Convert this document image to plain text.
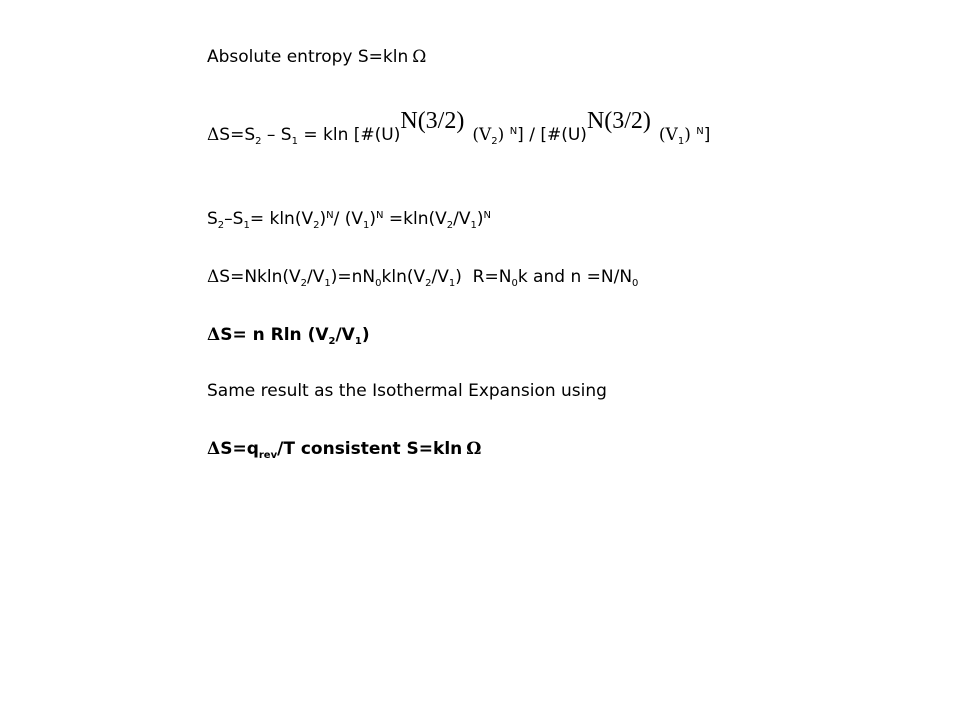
Absolute entropy S=kln Ω
$\Delta S=S_2 - S_1 = kln$ [$\#(U)N(3/2)(V_2)$ $^N] / [\#(U)N(3/2)(V_1)$ $^N$]
$S_2-S_1= kln(V_2)^N/$ $(V_1)^N =kln(V_2/V_1)^N$
$\Delta S=Nkln(V_2/V_1)=nN_0kln(V_2/V_1)$  $R=N_0k$ and $n =N/N_0$
ΔS= n Rln $(V_2/V_1)$
Same result as the Isothermal Expansion using
$\Delta S=q_{rev}/T$ consistent S=kln Ω
